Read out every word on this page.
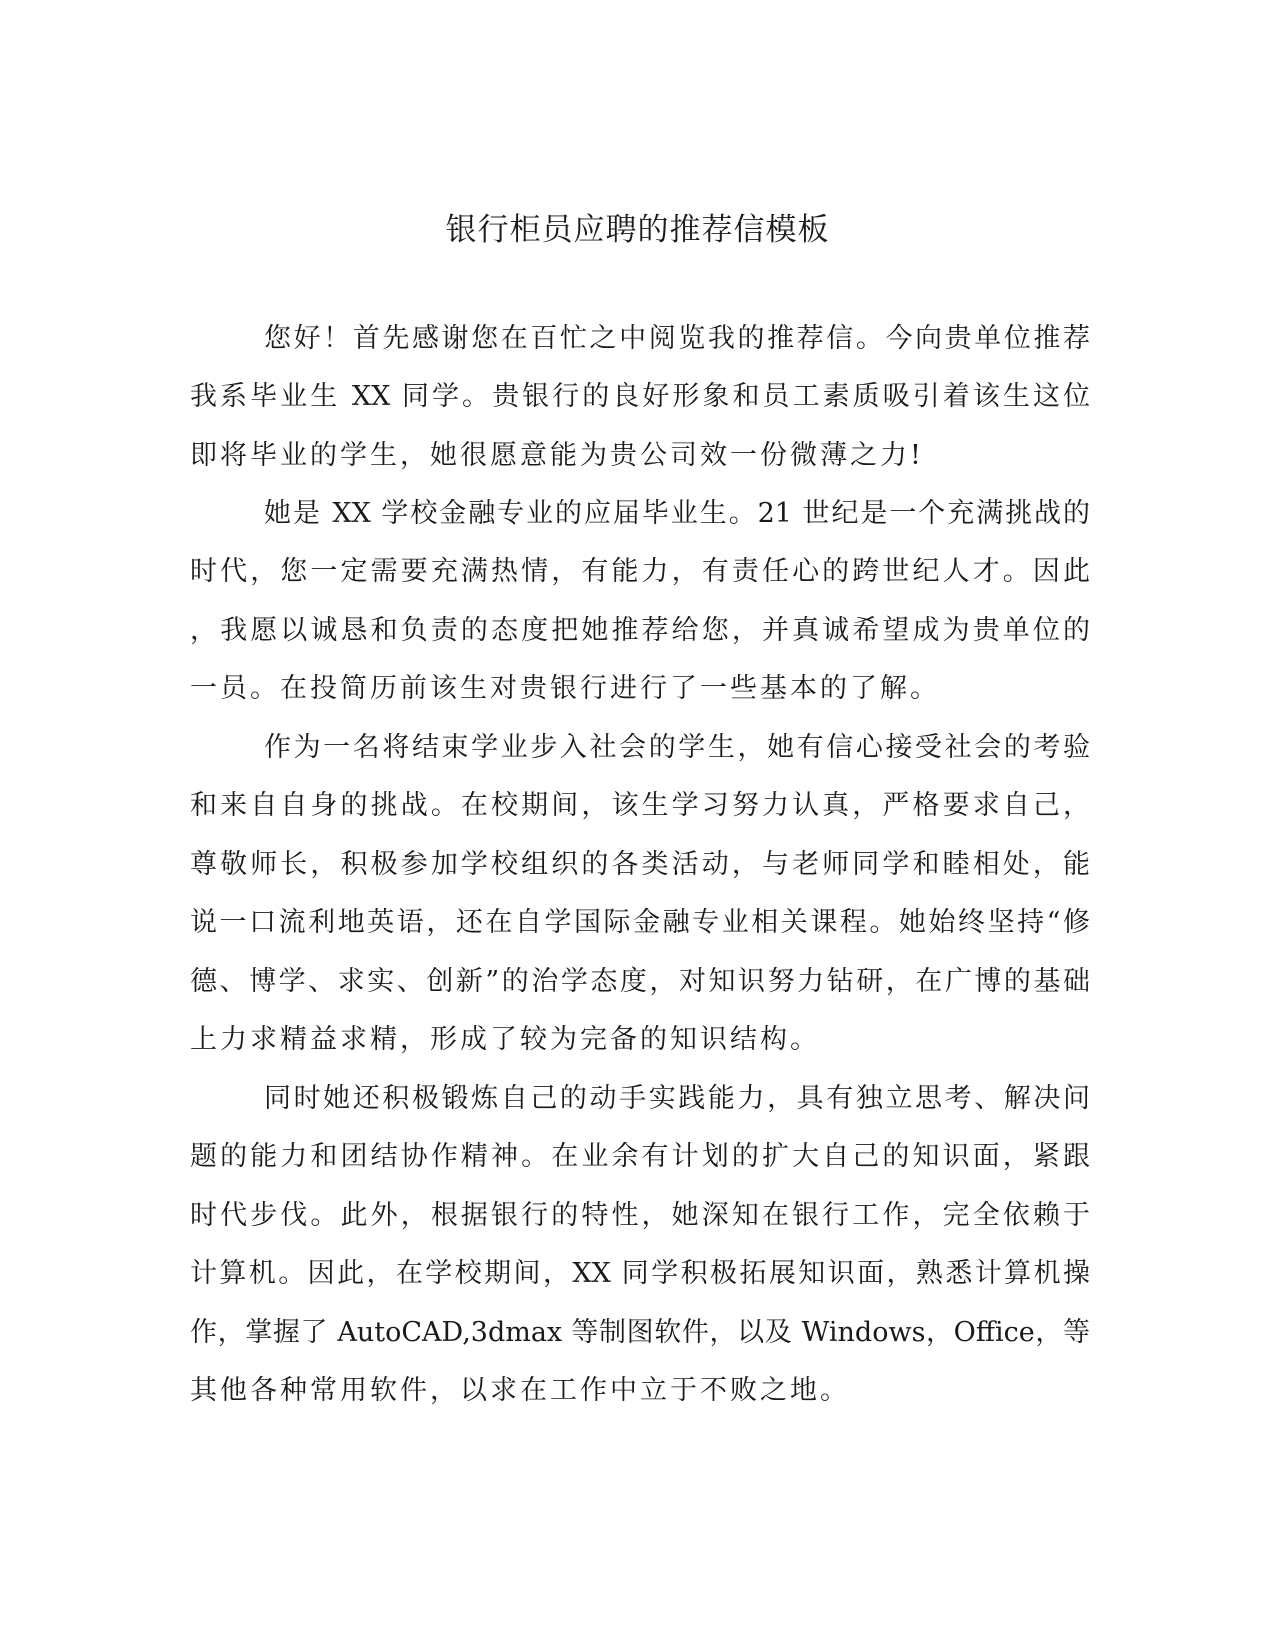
银行柜员应聘的推荐信模板

您好！首先感谢您在百忙之中阅览我的推荐信。今向贵单位推荐

我系毕业生 XX 同学。贵银行的良好形象和员工素质吸引着该生这位

即将毕业的学生，她很愿意能为贵公司效一份微薄之力!

她是 XX 学校金融专业的应届毕业生。21 世纪是一个充满挑战的

时代，您一定需要充满热情，有能力，有责任心的跨世纪人才。因此

，我愿以诚恳和负责的态度把她推荐给您，并真诚希望成为贵单位的

一员。在投简历前该生对贵银行进行了一些基本的了解。

作为一名将结束学业步入社会的学生，她有信心接受社会的考验

和来自自身的挑战。在校期间，该生学习努力认真，严格要求自己，

尊敬师长，积极参加学校组织的各类活动，与老师同学和睦相处，能

说一口流利地英语，还在自学国际金融专业相关课程。她始终坚持“修

德、博学、求实、创新”的治学态度，对知识努力钻研，在广博的基础

上力求精益求精，形成了较为完备的知识结构。

同时她还积极锻炼自己的动手实践能力，具有独立思考、解决问

题的能力和团结协作精神。在业余有计划的扩大自己的知识面，紧跟

时代步伐。此外，根据银行的特性，她深知在银行工作，完全依赖于

计算机。因此，在学校期间，XX 同学积极拓展知识面，熟悉计算机操

作，掌握了 AutoCAD,3dmax 等制图软件，以及 Windows，Office，等

其他各种常用软件，以求在工作中立于不败之地。
